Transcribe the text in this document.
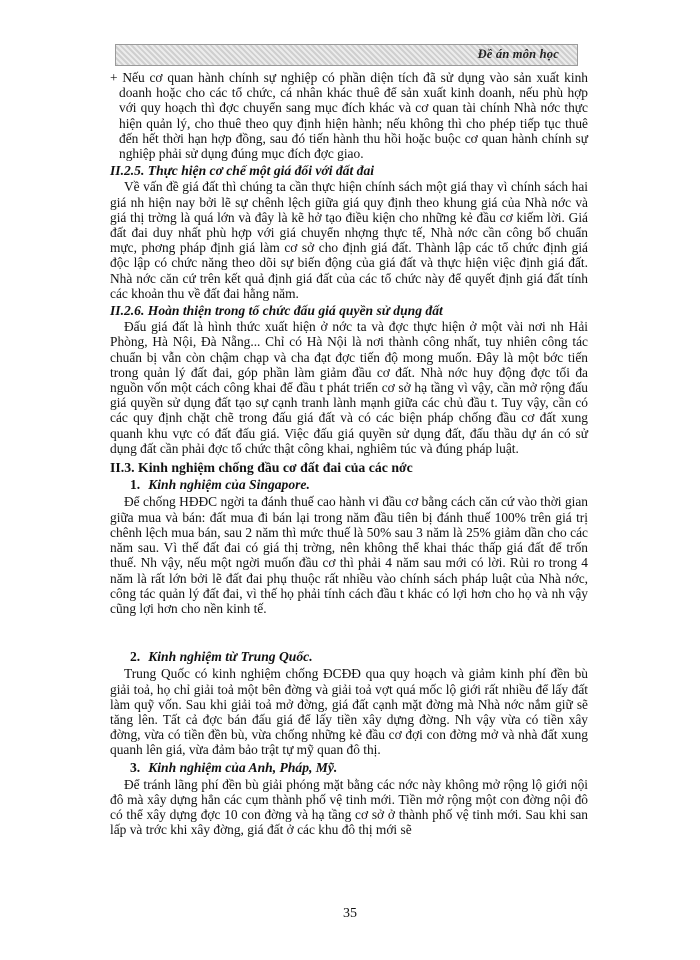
Đề án môn học

+ Nếu cơ quan hành chính sự nghiệp có phần diện tích đã sử dụng vào sản xuất kinh doanh hoặc cho các tổ chức, cá nhân khác thuê để sản xuất kinh doanh, nếu phù hợp với quy hoạch thì đợc chuyển sang mục đích khác và cơ quan tài chính Nhà nớc thực hiện quản lý, cho thuê theo quy định hiện hành; nếu không thì cho phép tiếp tục thuê đến hết thời hạn hợp đồng, sau đó tiến hành thu hồi hoặc buộc cơ quan hành chính sự nghiệp phải sử dụng đúng mục đích đợc giao.

II.2.5. Thực hiện cơ chế một giá đối với đất đai

Về vấn đề giá đất thì chúng ta cần thực hiện chính sách một giá thay vì chính sách hai giá nh hiện nay bởi lẽ sự chênh lệch giữa giá quy định theo khung giá của Nhà nớc và giá thị trờng là quá lớn và đây là kẽ hở tạo điều kiện cho những kẻ đầu cơ kiếm lời. Giá đất đai duy nhất phù hợp với giá chuyển nhợng thực tế, Nhà nớc cần công bố chuẩn mực, phơng pháp định giá làm cơ sở cho định giá đất. Thành lập các tổ chức định giá độc lập có chức năng theo dõi sự biến động của giá đất và thực hiện việc định giá đất. Nhà nớc căn cứ trên kết quả định giá đất của các tổ chức này để quyết định giá đất tính các khoản thu về đất đai hằng năm.

II.2.6. Hoàn thiện trong tổ chức đấu giá quyền sử dụng đất

Đấu giá đất là hình thức xuất hiện ở nớc ta và đợc thực hiện ở một vài nơi nh Hải Phòng, Hà Nội, Đà Nẵng... Chỉ có Hà Nội là nơi thành công nhất, tuy nhiên công tác chuẩn bị vẫn còn chậm chạp và cha đạt đợc tiến độ mong muốn. Đây là một bớc tiến trong quản lý đất đai, góp phần làm giảm đầu cơ đất. Nhà nớc huy động đợc tối đa nguồn vốn một cách công khai để đầu t phát triển cơ sở hạ tầng vì vậy, cần mở rộng đấu giá quyền sử dụng đất tạo sự cạnh tranh lành mạnh giữa các chủ đầu t. Tuy vậy, cần có các quy định chặt chẽ trong đấu giá đất và có các biện pháp chống đầu cơ đất xung quanh khu vực có đất đấu giá. Việc đấu giá quyền sử dụng đất, đấu thầu dự án có sử dụng đất cần phải đợc tổ chức thật công khai, nghiêm túc và đúng pháp luật.

II.3. Kinh nghiệm chống đầu cơ đất đai của các nớc
1. Kinh nghiệm của Singapore.

Để chống HĐĐC ngời ta đánh thuế cao hành vi đầu cơ bằng cách căn cứ vào thời gian giữa mua và bán: đất mua đi bán lại trong năm đầu tiên bị đánh thuế 100% trên giá trị chênh lệch mua bán, sau 2 năm thì mức thuế là 50% sau 3 năm là 25% giảm dần cho các năm sau. Vì thế đất đai có giá thị trờng, nên không thể khai thác thấp giá đất để trốn thuế. Nh vậy, nếu một ngời muốn đầu cơ thì phải 4 năm sau mới có lời. Rủi ro trong 4 năm là rất lớn bởi lẽ đất đai phụ thuộc rất nhiều vào chính sách pháp luật của Nhà nớc, công tác quản lý đất đai, vì thế họ phải tính cách đầu t khác có lợi hơn cho họ và nh vậy cũng lợi hơn cho nền kinh tế.

2. Kinh nghiệm từ Trung Quốc.

Trung Quốc có kinh nghiệm chống ĐCĐĐ qua quy hoạch và giảm kinh phí đền bù giải toả, họ chỉ giải toả một bên đờng và giải toả vợt quá mốc lộ giới rất nhiều để lấy đất làm quỹ vốn. Sau khi giải toả mở đờng, giá đất cạnh mặt đờng mà Nhà nớc nắm giữ sẽ tăng lên. Tất cả đợc bán đấu giá để lấy tiền xây dựng đờng. Nh vậy vừa có tiền xây đờng, vừa có tiền đền bù, vừa chống những kẻ đầu cơ đợi con đờng mở và nhà đất xung quanh lên giá, vừa đảm bảo trật tự mỹ quan đô thị.

3. Kinh nghiệm của Anh, Pháp, Mỹ.

Để tránh lãng phí đền bù giải phóng mặt bằng các nớc này không mở rộng lộ giới nội đô mà xây dựng hẳn các cụm thành phố vệ tinh mới. Tiền mở rộng một con đờng nội đô có thể xây dựng đợc 10 con đờng và hạ tầng cơ sở ở thành phố vệ tinh mới. Sau khi san lấp và trớc khi xây đờng, giá đất ở các khu đô thị mới sẽ

35
